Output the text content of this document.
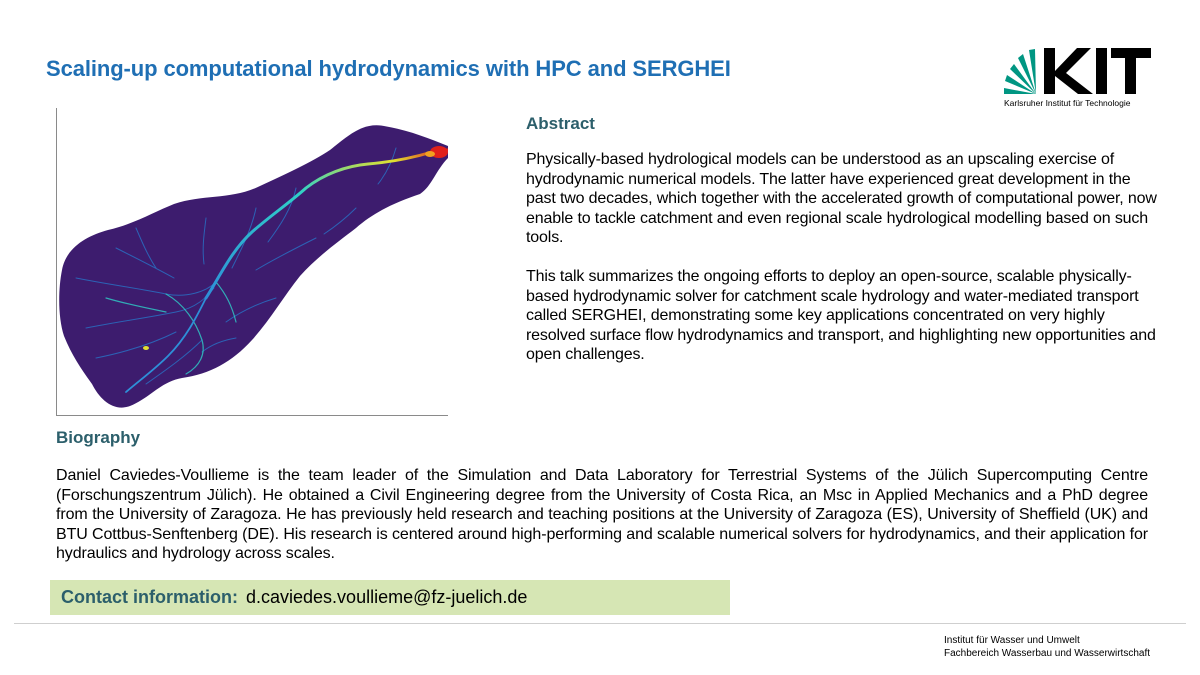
Scaling-up computational hydrodynamics with HPC and SERGHEI
Karlsruher Institut für Technologie
Abstract

Physically-based hydrological models can be understood as an upscaling exercise of hydrodynamic numerical models. The latter have experienced great development in the past two decades, which together with the accelerated growth of computational power, now enable to tackle catchment and even regional scale hydrological modelling based on such tools.

This talk summarizes the ongoing efforts to deploy an open-source, scalable physically-based hydrodynamic solver for catchment scale hydrology and water-mediated transport called SERGHEI, demonstrating some key applications concentrated on very highly resolved surface flow hydrodynamics and transport, and highlighting new opportunities and open challenges.

Biography
Daniel Caviedes-Voullieme is the team leader of the Simulation and Data Laboratory for Terrestrial Systems of the Jülich Supercomputing Centre (Forschungszentrum Jülich). He obtained a Civil Engineering degree from the University of Costa Rica, an Msc in Applied Mechanics and a PhD degree from the University of Zaragoza. He has previously held research and teaching positions at the University of Zaragoza (ES), University of Sheffield (UK) and BTU Cottbus-Senftenberg (DE). His research is centered around high-performing and scalable numerical solvers for hydrodynamics, and their application for hydraulics and hydrology across scales.
Contact information : d.caviedes.voullieme@fz-juelich.de
Institut für Wasser und Umwelt
Fachbereich Wasserbau und Wasserwirtschaft
